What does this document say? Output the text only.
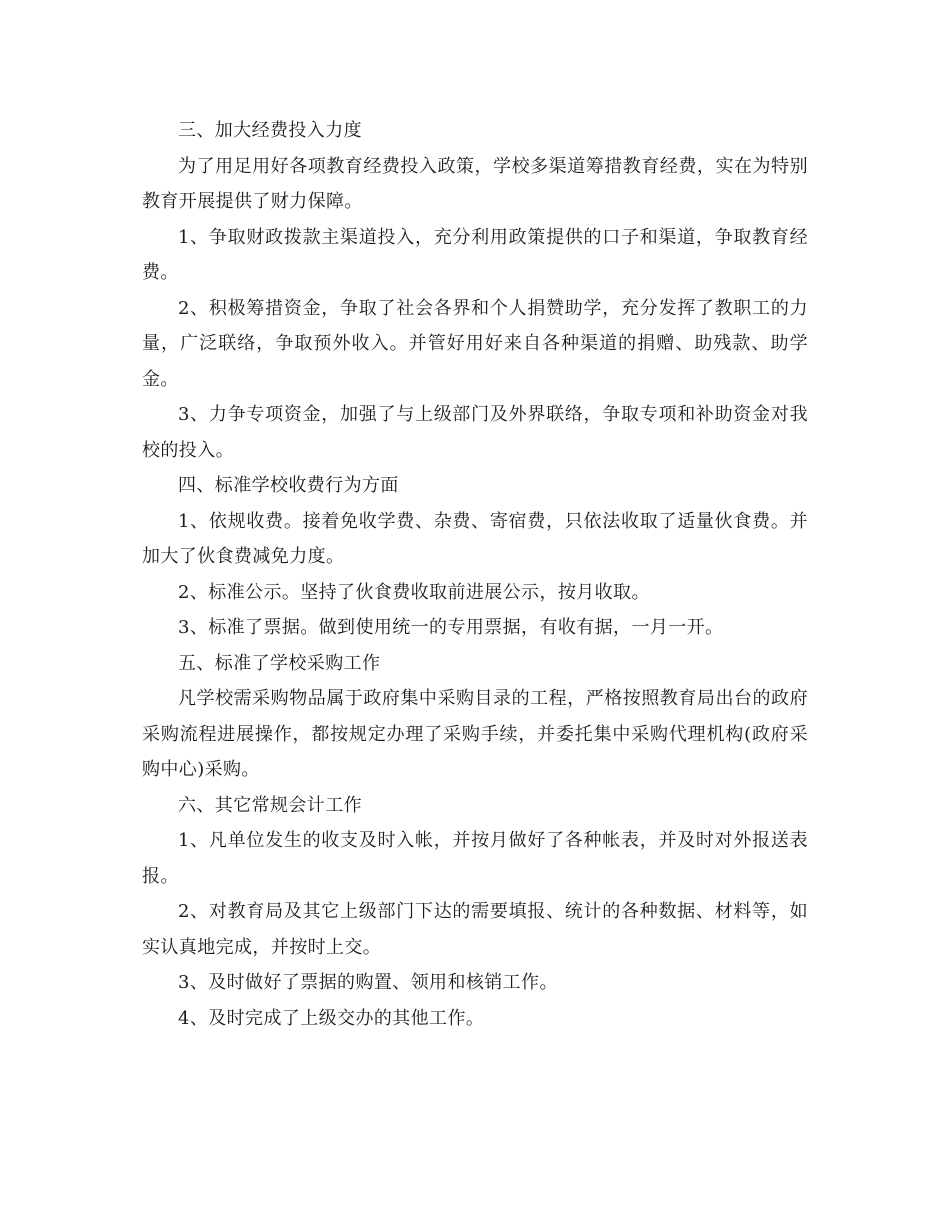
三、加大经费投入力度

为了用足用好各项教育经费投入政策，学校多渠道筹措教育经费，实在为特别教育开展提供了财力保障。

1、争取财政拨款主渠道投入，充分利用政策提供的口子和渠道，争取教育经费。

2、积极筹措资金，争取了社会各界和个人捐赞助学，充分发挥了教职工的力量，广泛联络，争取预外收入。并管好用好来自各种渠道的捐赠、助残款、助学金。

3、力争专项资金，加强了与上级部门及外界联络，争取专项和补助资金对我校的投入。

四、标准学校收费行为方面

1、依规收费。接着免收学费、杂费、寄宿费，只依法收取了适量伙食费。并加大了伙食费减免力度。

2、标准公示。坚持了伙食费收取前进展公示，按月收取。

3、标准了票据。做到使用统一的专用票据，有收有据，一月一开。

五、标准了学校采购工作

凡学校需采购物品属于政府集中采购目录的工程，严格按照教育局出台的政府采购流程进展操作，都按规定办理了采购手续，并委托集中采购代理机构(政府采购中心)采购。

六、其它常规会计工作

1、凡单位发生的收支及时入帐，并按月做好了各种帐表，并及时对外报送表报。

2、对教育局及其它上级部门下达的需要填报、统计的各种数据、材料等，如实认真地完成，并按时上交。

3、及时做好了票据的购置、领用和核销工作。

4、及时完成了上级交办的其他工作。
